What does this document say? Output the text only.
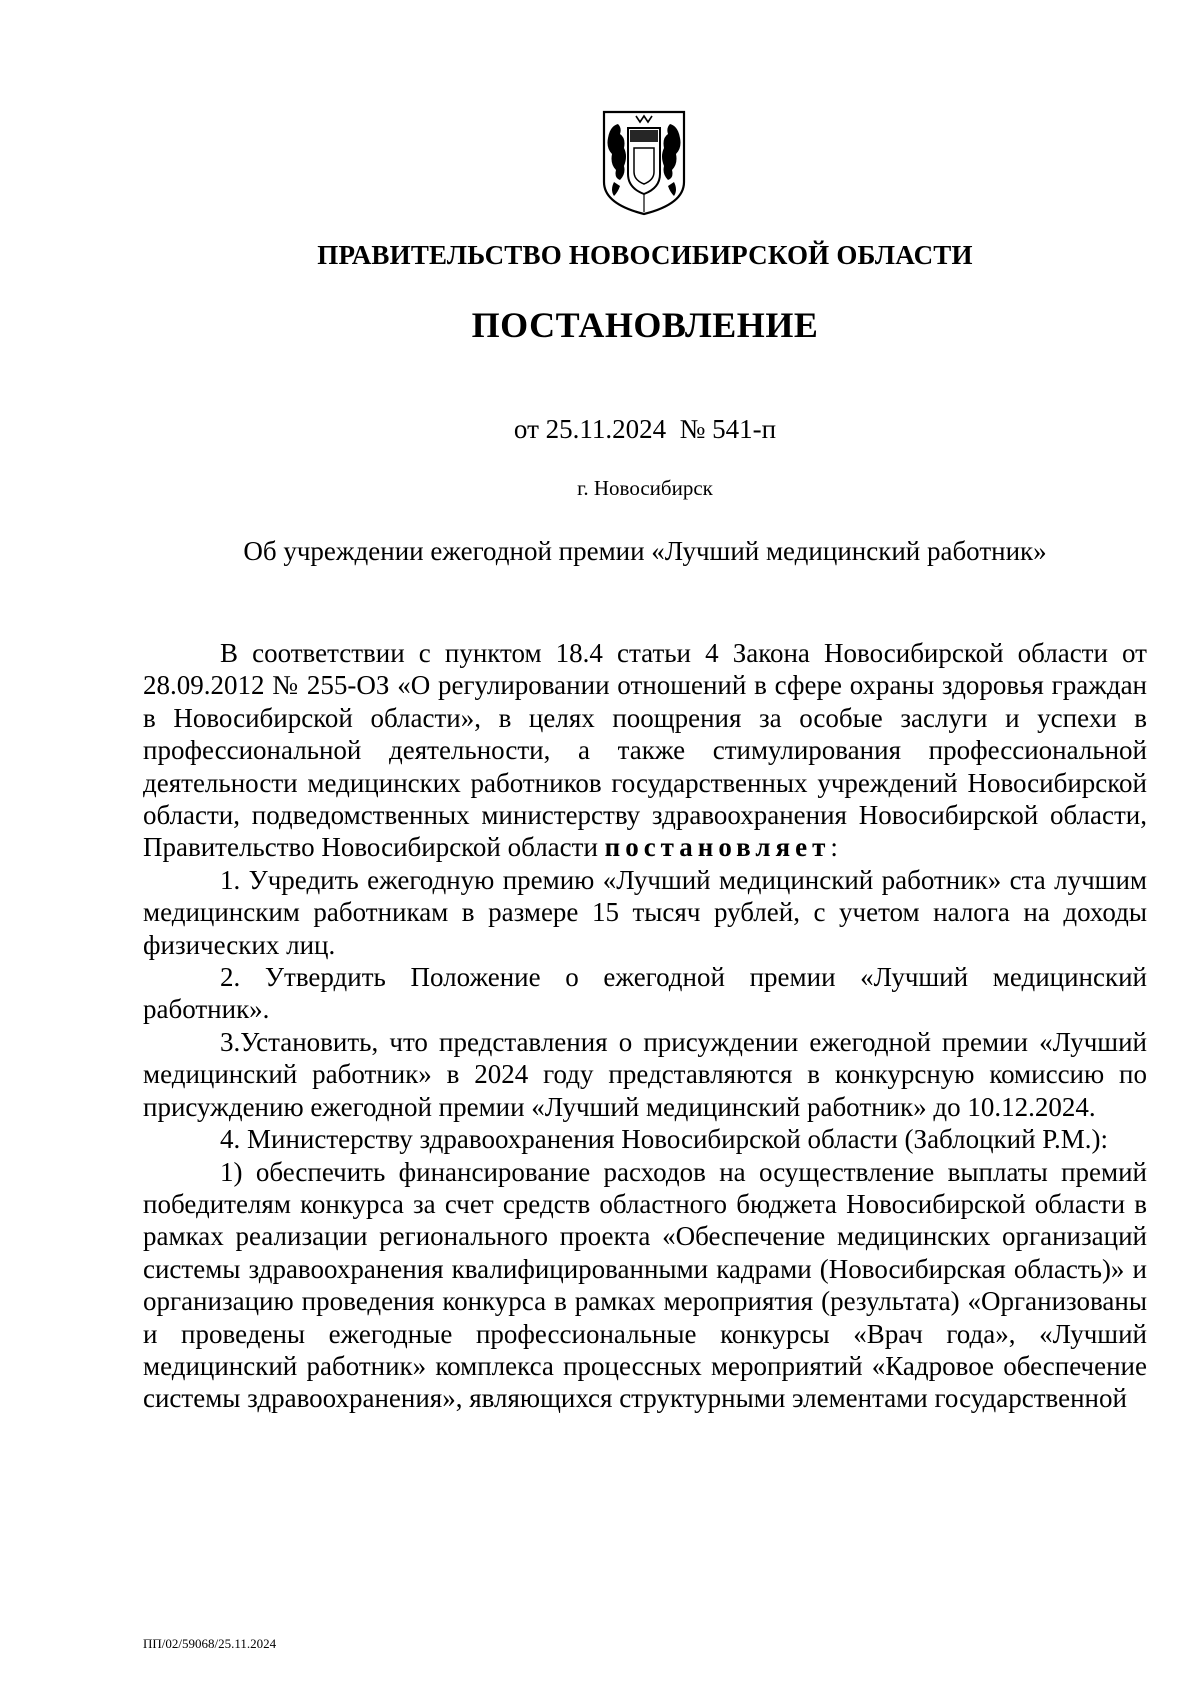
ПРАВИТЕЛЬСТВО НОВОСИБИРСКОЙ ОБЛАСТИ
ПОСТАНОВЛЕНИЕ
от 25.11.2024  № 541-п
г. Новосибирск
Об учреждении ежегодной премии «Лучший медицинский работник»

В соответствии с пунктом 18.4 статьи 4 Закона Новосибирской области от 28.09.2012 № 255-ОЗ «О регулировании отношений в сфере охраны здоровья граждан в Новосибирской области», в целях поощрения за особые заслуги и успехи в профессиональной деятельности, а также стимулирования профессиональной деятельности медицинских работников государственных учреждений Новосибирской области, подведомственных министерству здравоохранения Новосибирской области, Правительство Новосибирской области постановляет:

1. Учредить ежегодную премию «Лучший медицинский работник» ста лучшим медицинским работникам в размере 15 тысяч рублей, с учетом налога на доходы физических лиц.

2. Утвердить Положение о ежегодной премии «Лучший медицинский работник».

3.Установить, что представления о присуждении ежегодной премии «Лучший медицинский работник» в 2024 году представляются в конкурсную комиссию по присуждению ежегодной премии «Лучший медицинский работник» до 10.12.2024.

4. Министерству здравоохранения Новосибирской области (Заблоцкий Р.М.):

1) обеспечить финансирование расходов на осуществление выплаты премий победителям конкурса за счет средств областного бюджета Новосибирской области в рамках реализации регионального проекта «Обеспечение медицинских организаций системы здравоохранения квалифицированными кадрами (Новосибирская область)» и организацию проведения конкурса в рамках мероприятия (результата) «Организованы и проведены ежегодные профессиональные конкурсы «Врач года», «Лучший медицинский работник» комплекса процессных мероприятий «Кадровое обеспечение системы здравоохранения», являющихся структурными элементами государственной

ПП/02/59068/25.11.2024
